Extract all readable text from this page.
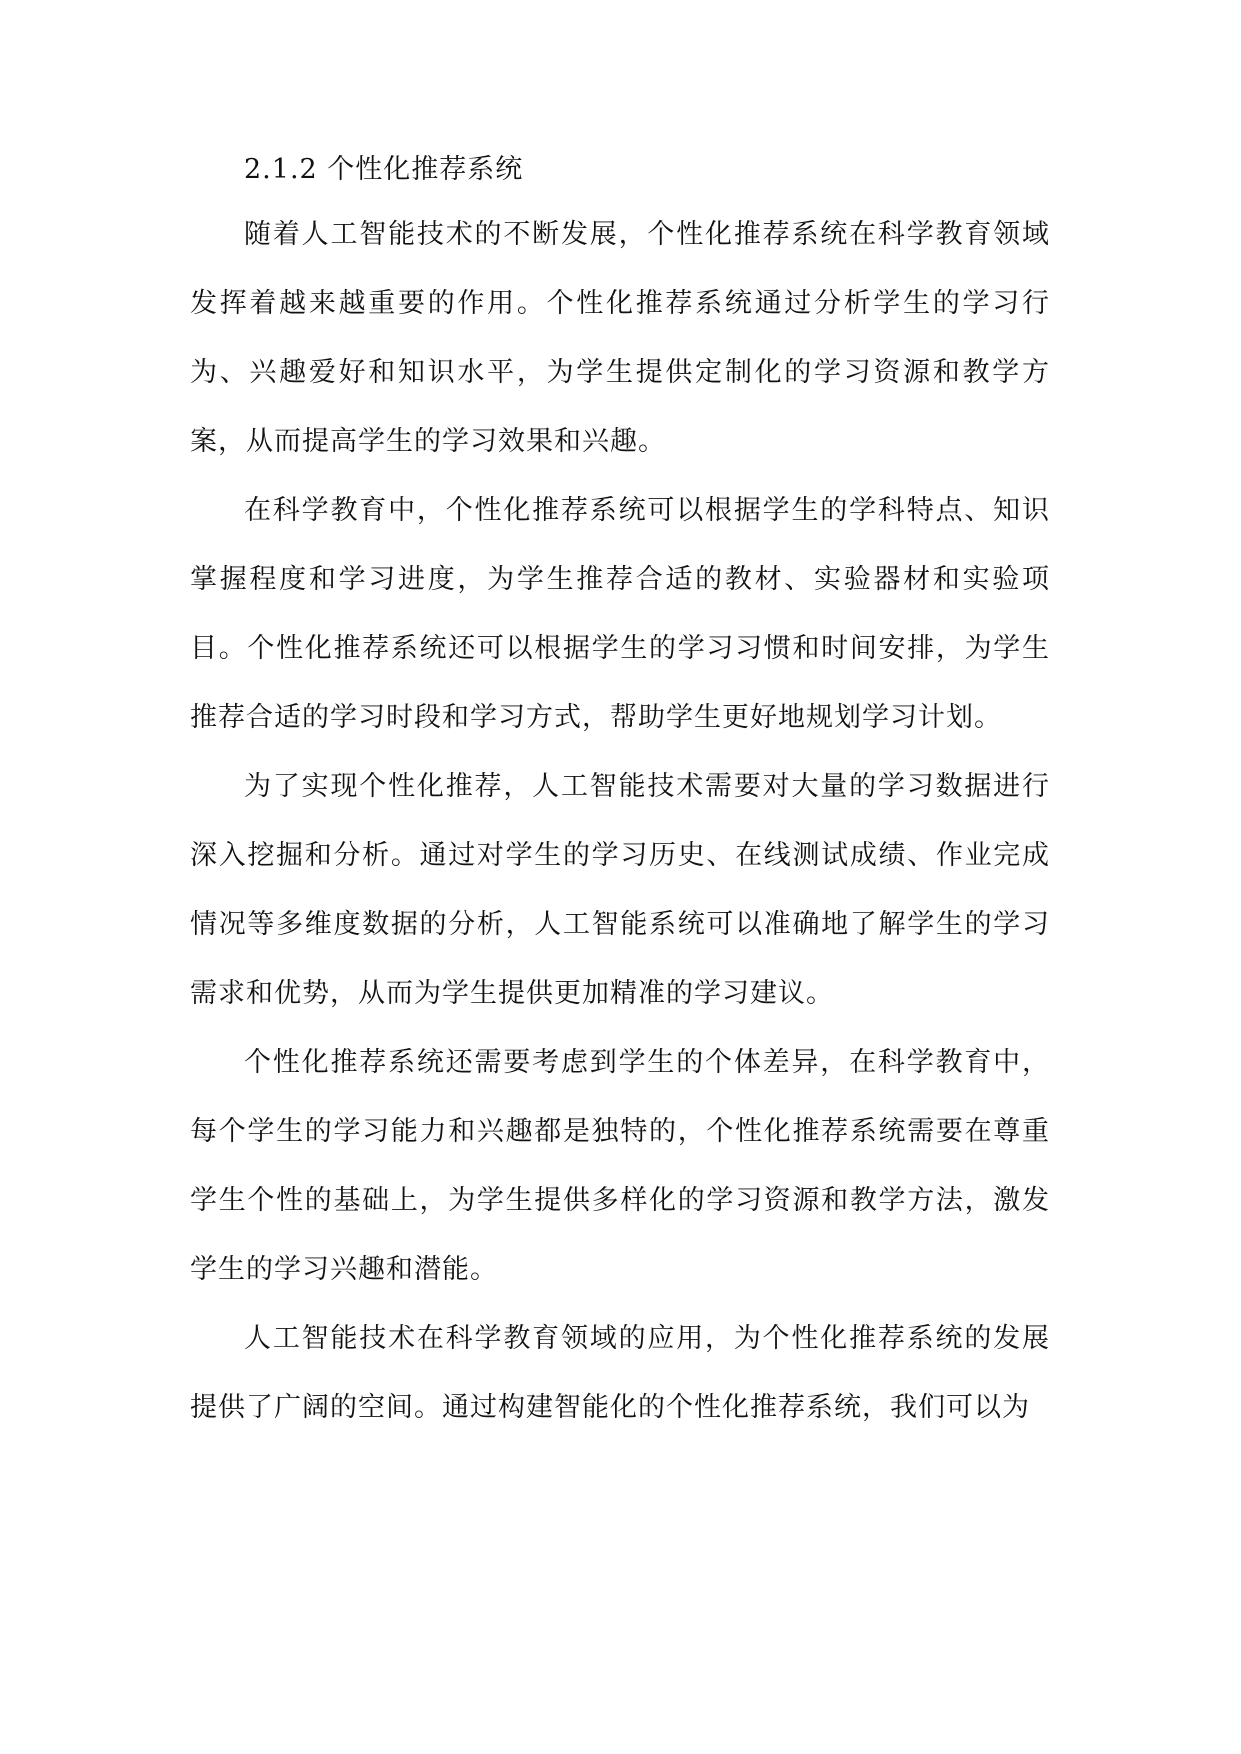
2.1.2 个性化推荐系统

随着人工智能技术的不断发展，个性化推荐系统在科学教育领域发挥着越来越重要的作用。个性化推荐系统通过分析学生的学习行为、兴趣爱好和知识水平，为学生提供定制化的学习资源和教学方案，从而提高学生的学习效果和兴趣。

在科学教育中，个性化推荐系统可以根据学生的学科特点、知识掌握程度和学习进度，为学生推荐合适的教材、实验器材和实验项目。个性化推荐系统还可以根据学生的学习习惯和时间安排，为学生推荐合适的学习时段和学习方式，帮助学生更好地规划学习计划。

为了实现个性化推荐，人工智能技术需要对大量的学习数据进行深入挖掘和分析。通过对学生的学习历史、在线测试成绩、作业完成情况等多维度数据的分析，人工智能系统可以准确地了解学生的学习需求和优势，从而为学生提供更加精准的学习建议。

个性化推荐系统还需要考虑到学生的个体差异，在科学教育中，每个学生的学习能力和兴趣都是独特的，个性化推荐系统需要在尊重学生个性的基础上，为学生提供多样化的学习资源和教学方法，激发学生的学习兴趣和潜能。

人工智能技术在科学教育领域的应用，为个性化推荐系统的发展提供了广阔的空间。通过构建智能化的个性化推荐系统，我们可以为
